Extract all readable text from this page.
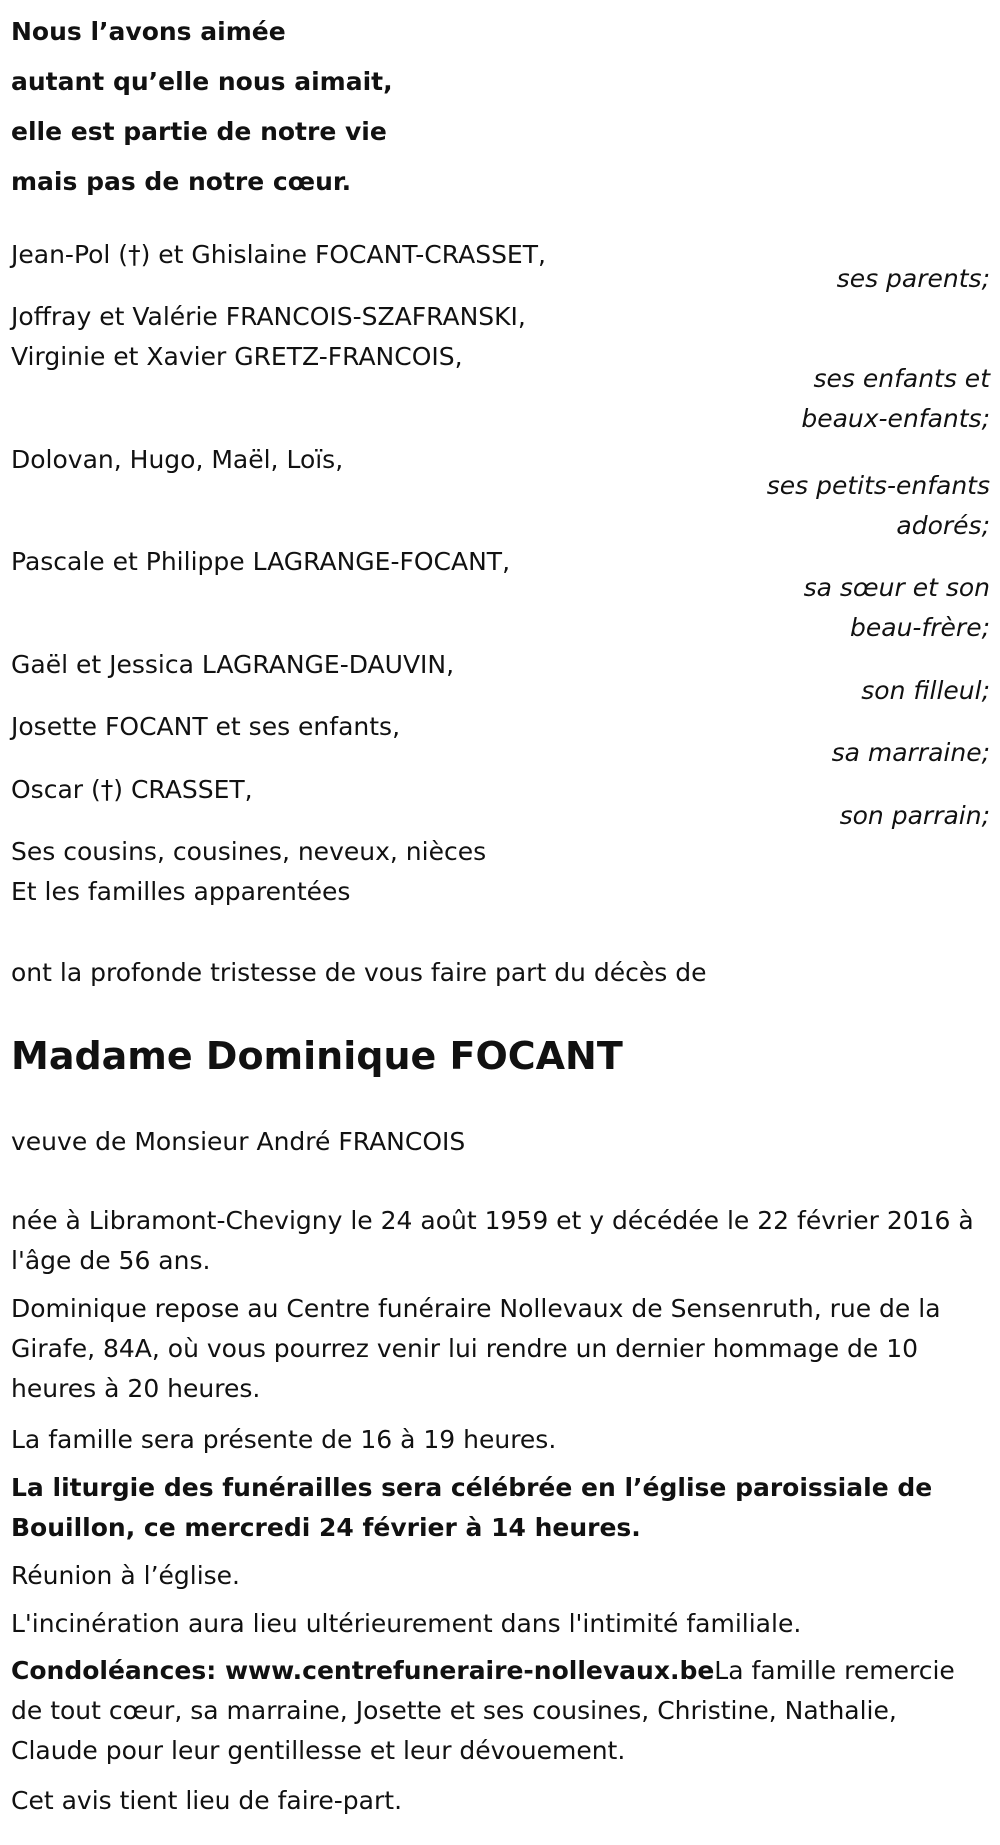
Nous l’avons aimée
autant qu’elle nous aimait,
elle est partie de notre vie
mais pas de notre cœur.
Jean-Pol (†) et Ghislaine FOCANT-CRASSET,
ses parents;
Joffray et Valérie FRANCOIS-SZAFRANSKI,
Virginie et Xavier GRETZ-FRANCOIS,
ses enfants et
beaux-enfants;
Dolovan, Hugo, Maël, Loïs,
ses petits-enfants
adorés;
Pascale et Philippe LAGRANGE-FOCANT,
sa sœur et son
beau-frère;
Gaël et Jessica LAGRANGE-DAUVIN,
son filleul;
Josette FOCANT et ses enfants,
sa marraine;
Oscar (†) CRASSET,
son parrain;
Ses cousins, cousines, neveux, nièces
Et les familles apparentées
ont la profonde tristesse de vous faire part du décès de
Madame Dominique FOCANT
veuve de Monsieur André FRANCOIS
née à Libramont-Chevigny le 24 août 1959 et y décédée le 22 février 2016 à l'âge de 56 ans.
Dominique repose au Centre funéraire Nollevaux de Sensenruth, rue de la Girafe, 84A, où vous pourrez venir lui rendre un dernier hommage de 10 heures à 20 heures.
La famille sera présente de 16 à 19 heures.
La liturgie des funérailles sera célébrée en l’église paroissiale de Bouillon, ce mercredi 24 février à 14 heures.
Réunion à l’église.
L'incinération aura lieu ultérieurement dans l'intimité familiale.
Condoléances: www.centrefuneraire-nollevaux.beLa famille remercie de tout cœur, sa marraine, Josette et ses cousines, Christine, Nathalie, Claude pour leur gentillesse et leur dévouement.
Cet avis tient lieu de faire-part.
